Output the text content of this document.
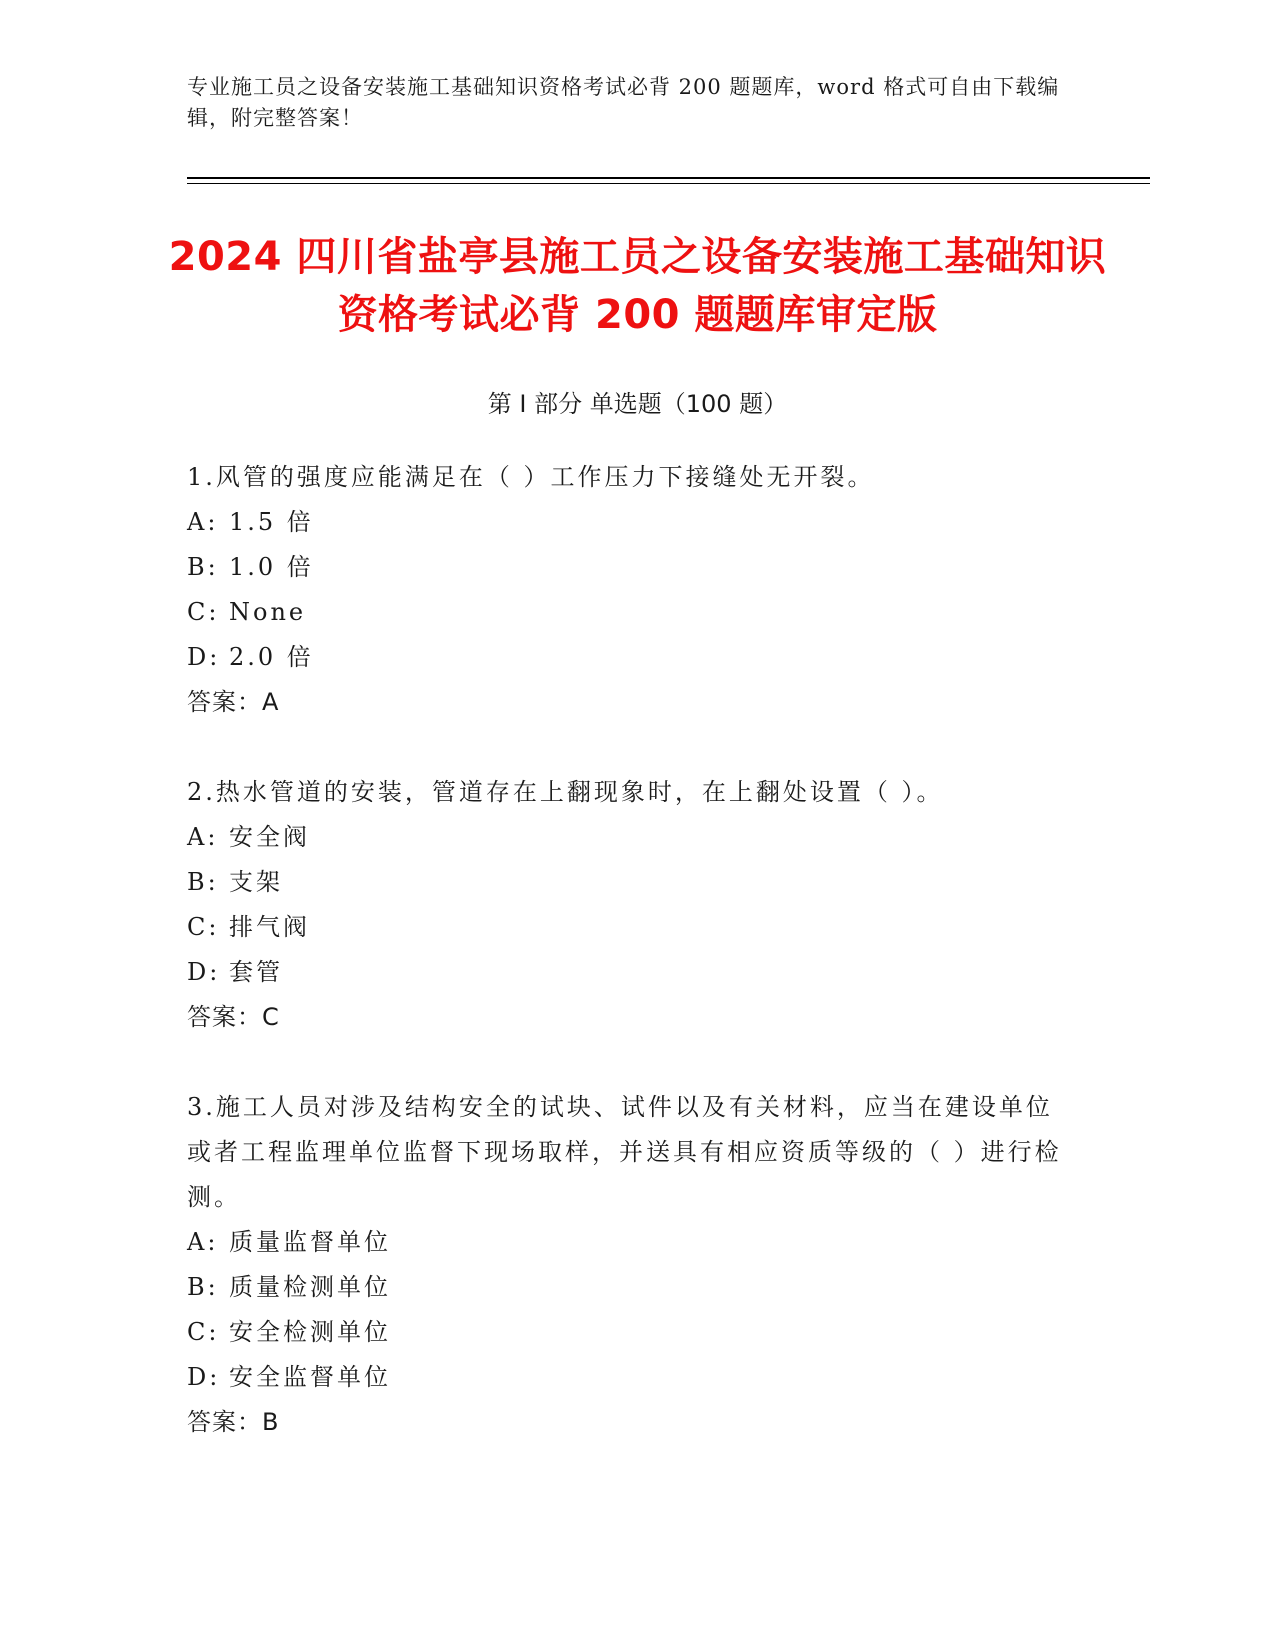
专业施工员之设备安装施工基础知识资格考试必背 200 题题库，word 格式可自由下载编辑，附完整答案！

2024 四川省盐亭县施工员之设备安装施工基础知识资格考试必背 200 题题库审定版
第 I 部分 单选题（100 题）

1.风管的强度应能满足在（ ）工作压力下接缝处无开裂。

A: 1.5 倍

B: 1.0 倍

C: None

D: 2.0 倍

答案：A

2.热水管道的安装，管道存在上翻现象时，在上翻处设置（ ）。

A: 安全阀

B: 支架

C: 排气阀

D: 套管

答案：C

3.施工人员对涉及结构安全的试块、试件以及有关材料，应当在建设单位或者工程监理单位监督下现场取样，并送具有相应资质等级的（ ）进行检测。

A: 质量监督单位

B: 质量检测单位

C: 安全检测单位

D: 安全监督单位

答案：B
